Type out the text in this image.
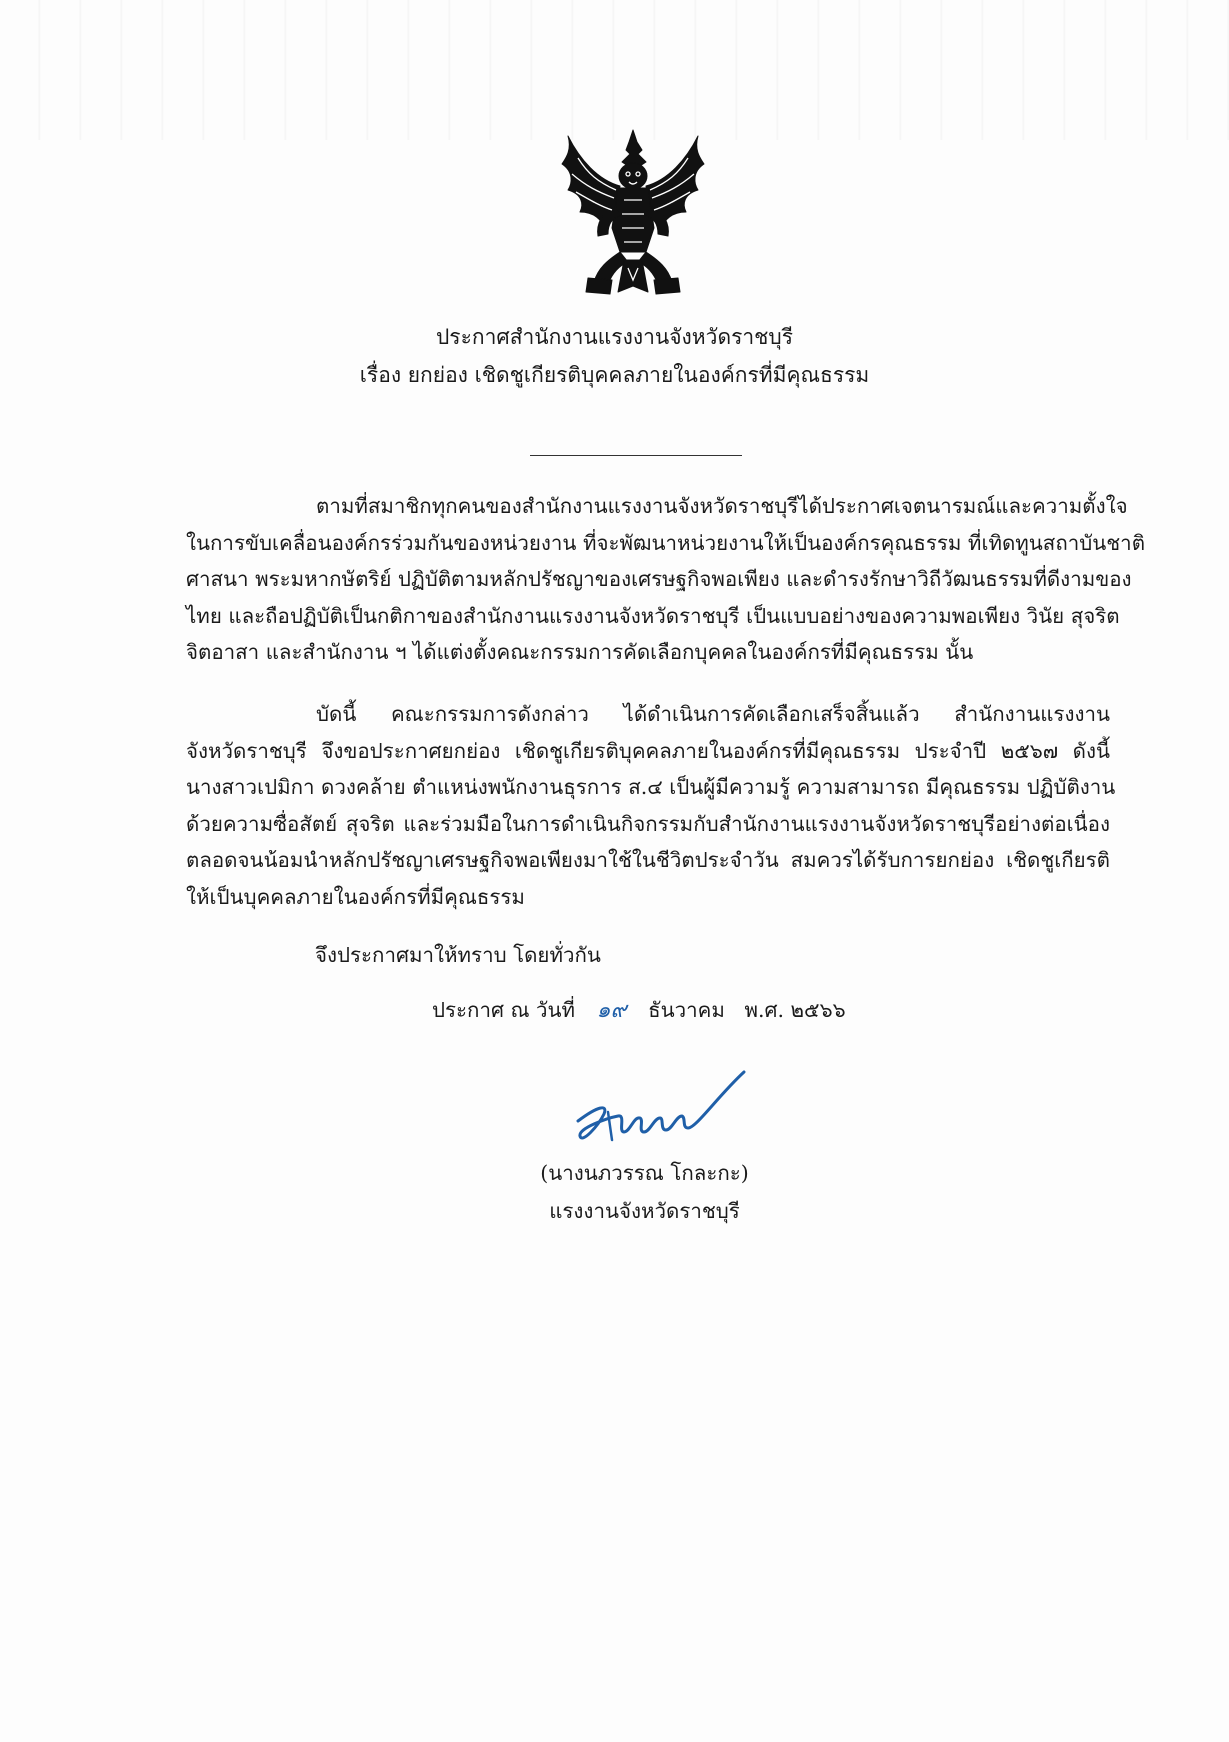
ประกาศสำนักงานแรงงานจังหวัดราชบุรี
เรื่อง ยกย่อง เชิดชูเกียรติบุคคลภายในองค์กรที่มีคุณธรรม
ตามที่สมาชิกทุกคนของสำนักงานแรงงานจังหวัดราชบุรีได้ประกาศเจตนารมณ์และความตั้งใจ
ในการขับเคลื่อนองค์กรร่วมกันของหน่วยงาน ที่จะพัฒนาหน่วยงานให้เป็นองค์กรคุณธรรม ที่เทิดทูนสถาบันชาติ
ศาสนา พระมหากษัตริย์ ปฏิบัติตามหลักปรัชญาของเศรษฐกิจพอเพียง และดำรงรักษาวิถีวัฒนธรรมที่ดีงามของ
ไทย และถือปฏิบัติเป็นกติกาของสำนักงานแรงงานจังหวัดราชบุรี เป็นแบบอย่างของความพอเพียง วินัย สุจริต
จิตอาสา และสำนักงาน ฯ ได้แต่งตั้งคณะกรรมการคัดเลือกบุคคลในองค์กรที่มีคุณธรรม นั้น
บัดนี้ คณะกรรมการดังกล่าว ได้ดำเนินการคัดเลือกเสร็จสิ้นแล้ว สำนักงานแรงงาน
จังหวัดราชบุรี จึงขอประกาศยกย่อง เชิดชูเกียรติบุคคลภายในองค์กรที่มีคุณธรรม ประจำปี ๒๕๖๗ ดังนี้
นางสาวเปมิกา ดวงคล้าย ตำแหน่งพนักงานธุรการ ส.๔ เป็นผู้มีความรู้ ความสามารถ มีคุณธรรม ปฏิบัติงาน
ด้วยความซื่อสัตย์ สุจริต และร่วมมือในการดำเนินกิจกรรมกับสำนักงานแรงงานจังหวัดราชบุรีอย่างต่อเนื่อง
ตลอดจนน้อมนำหลักปรัชญาเศรษฐกิจพอเพียงมาใช้ในชีวิตประจำวัน สมควรได้รับการยกย่อง เชิดชูเกียรติ
ให้เป็นบุคคลภายในองค์กรที่มีคุณธรรม
จึงประกาศมาให้ทราบ โดยทั่วกัน
ประกาศ ณ วันที่ ๑๙ ธันวาคม พ.ศ. ๒๕๖๖
(นางนภวรรณ โกละกะ)
แรงงานจังหวัดราชบุรี
